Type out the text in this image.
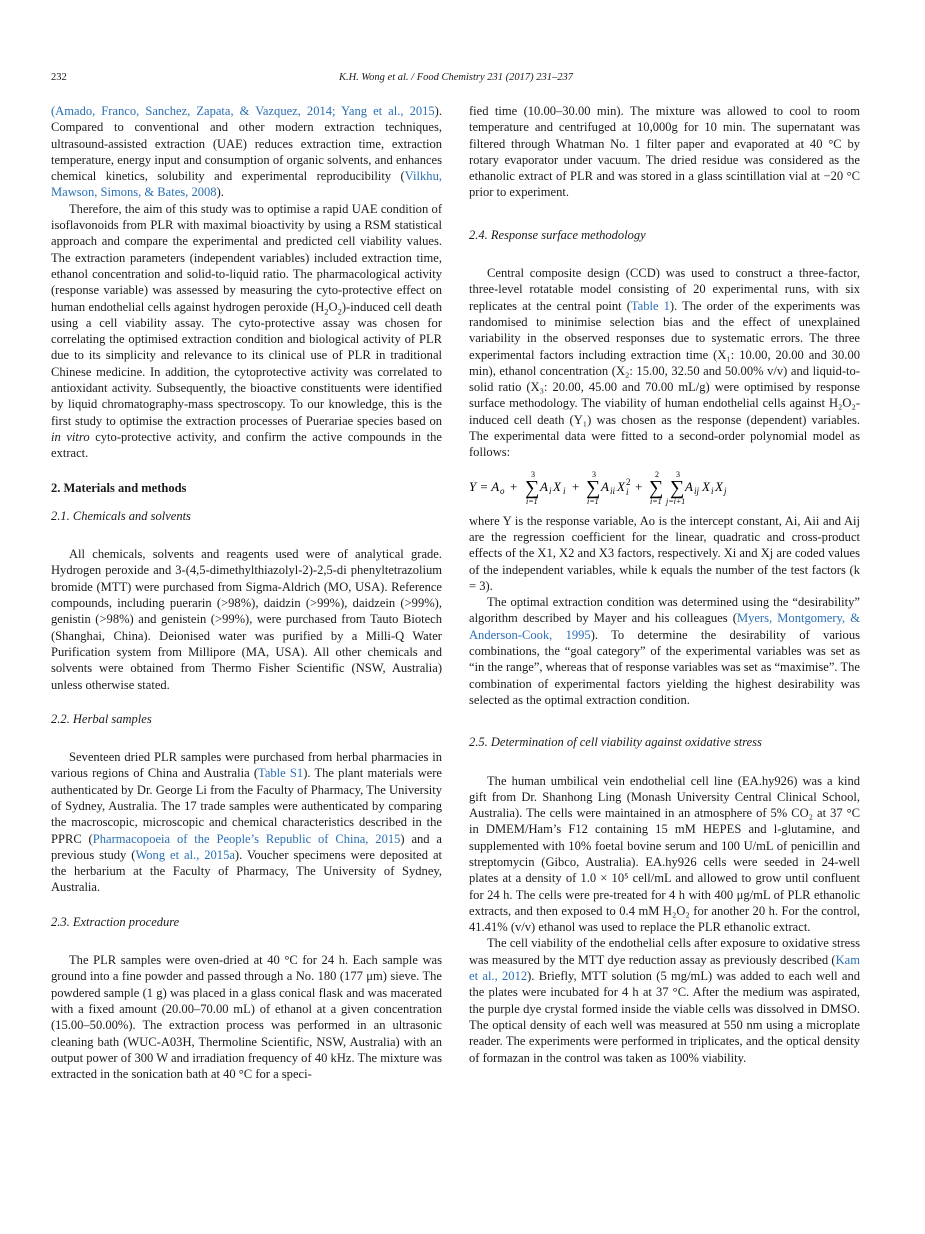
232	K.H. Wong et al. / Food Chemistry 231 (2017) 231–237

(Amado, Franco, Sanchez, Zapata, & Vazquez, 2014; Yang et al., 2015). Compared to conventional and other modern extraction techniques, ultrasound-assisted extraction (UAE) reduces extraction time, extraction temperature, energy input and consumption of organic solvents, and enhances chemical kinetics, solubility and experimental reproducibility (Vilkhu, Mawson, Simons, & Bates, 2008).

Therefore, the aim of this study was to optimise a rapid UAE condition of isoflavonoids from PLR with maximal bioactivity by using a RSM statistical approach and compare the experimental and predicted cell viability values. The extraction parameters (independent variables) included extraction time, ethanol concentration and solid-to-liquid ratio. The pharmacological activity (response variable) was assessed by measuring the cyto-protective effect on human endothelial cells against hydrogen peroxide $(H_2O_2)$-induced cell death using a cell viability assay. The cyto-protective assay was chosen for correlating the optimised extraction condition and biological activity of PLR due to its simplicity and relevance to its clinical use of PLR in traditional Chinese medicine. In addition, the cytoprotective activity was correlated to antioxidant activity. Subsequently, the bioactive constituents were identified by liquid chromatography-mass spectroscopy. To our knowledge, this is the first study to optimise the extraction processes of Puerariae species based on in vitro cyto-protective activity, and confirm the active compounds in the extract.

2. Materials and methods

2.1. Chemicals and solvents

All chemicals, solvents and reagents used were of analytical grade. Hydrogen peroxide and 3-(4,5-dimethylthiazolyl-2)-2,5-di phenyltetrazolium bromide (MTT) were purchased from Sigma-Aldrich (MO, USA). Reference compounds, including puerarin (>98%), daidzin (>99%), daidzein (>99%), genistin (>98%) and genistein (>99%), were purchased from Tauto Biotech (Shanghai, China). Deionised water was purified by a Milli-Q Water Purification system from Millipore (MA, USA). All other chemicals and solvents were obtained from Thermo Fisher Scientific (NSW, Australia) unless otherwise stated.

2.2. Herbal samples

Seventeen dried PLR samples were purchased from herbal pharmacies in various regions of China and Australia (Table S1). The plant materials were authenticated by Dr. George Li from the Faculty of Pharmacy, The University of Sydney, Australia. The 17 trade samples were authenticated by comparing the macroscopic, microscopic and chemical characteristics described in the PPRC (Pharmacopoeia of the People’s Republic of China, 2015) and a previous study (Wong et al., 2015a). Voucher specimens were deposited at the herbarium at the Faculty of Pharmacy, The University of Sydney, Australia.

2.3. Extraction procedure

The PLR samples were oven-dried at 40 °C for 24 h. Each sample was ground into a fine powder and passed through a No. 180 (177 μm) sieve. The powdered sample (1 g) was placed in a glass conical flask and was macerated with a fixed amount (20.00–70.00 mL) of ethanol at a given concentration (15.00–50.00%). The extraction process was performed in an ultrasonic cleaning bath (WUC-A03H, Thermoline Scientific, NSW, Australia) with an output power of 300 W and irradiation frequency of 40 kHz. The mixture was extracted in the sonication bath at 40 °C for a speci-

fied time (10.00–30.00 min). The mixture was allowed to cool to room temperature and centrifuged at 10,000g for 10 min. The supernatant was filtered through Whatman No. 1 filter paper and evaporated at 40 °C by rotary evaporator under vacuum. The dried residue was considered as the ethanolic extract of PLR and was stored in a glass scintillation vial at −20 °C prior to experiment.

2.4. Response surface methodology

Central composite design (CCD) was used to construct a three-factor, three-level rotatable model consisting of 20 experimental runs, with six replicates at the central point (Table 1). The order of the experiments was randomised to minimise selection bias and the effect of unexplained variability in the observed responses due to systematic errors. The three experimental factors including extraction time (X₁: 10.00, 20.00 and 30.00 min), ethanol concentration (X₂: 15.00, 32.50 and 50.00% v/v) and liquid-to-solid ratio (X₃: 20.00, 45.00 and 70.00 mL/g) were optimised by response surface methodology. The viability of human endothelial cells against H₂O₂-induced cell death (Y₁) was chosen as the response (dependent) variables. The experimental data were fitted to a second-order polynomial model as follows:

Y = A o +
3
∑
i=1
A i X i +
3
∑
i=1
A ii X 2
i +
2
∑
i=1
3
∑
j=i+1
A ij X i X j

where Y is the response variable, Ao is the intercept constant, Ai, Aii and Aij are the regression coefficient for the linear, quadratic and cross-product effects of the X1, X2 and X3 factors, respectively. Xi and Xj are coded values of the independent variables, while k equals the number of the test factors (k = 3).

The optimal extraction condition was determined using the “desirability” algorithm described by Mayer and his colleagues (Myers, Montgomery, & Anderson-Cook, 1995). To determine the desirability of various combinations, the “goal category” of the experimental variables was set as “in the range”, whereas that of response variables was set as “maximise”. The combination of experimental factors yielding the highest desirability was selected as the optimal extraction condition.

2.5. Determination of cell viability against oxidative stress

The human umbilical vein endothelial cell line (EA.hy926) was a kind gift from Dr. Shanhong Ling (Monash University Central Clinical School, Australia). The cells were maintained in an atmosphere of 5% CO₂ at 37 °C in DMEM/Ham’s F12 containing 15 mM HEPES and l-glutamine, and supplemented with 10% foetal bovine serum and 100 U/mL of penicillin and streptomycin (Gibco, Australia). EA.hy926 cells were seeded in 24-well plates at a density of 1.0 × 10⁵ cell/mL and allowed to grow until confluent for 24 h. The cells were pre-treated for 4 h with 400 μg/mL of PLR ethanolic extracts, and then exposed to 0.4 mM H₂O₂ for another 20 h. For the control, 41.41% (v/v) ethanol was used to replace the PLR ethanolic extract.

The cell viability of the endothelial cells after exposure to oxidative stress was measured by the MTT dye reduction assay as previously described (Kam et al., 2012). Briefly, MTT solution (5 mg/mL) was added to each well and the plates were incubated for 4 h at 37 °C. After the medium was aspirated, the purple dye crystal formed inside the viable cells was dissolved in DMSO. The optical density of each well was measured at 550 nm using a microplate reader. The experiments were performed in triplicates, and the optical density of formazan in the control was taken as 100% viability.
